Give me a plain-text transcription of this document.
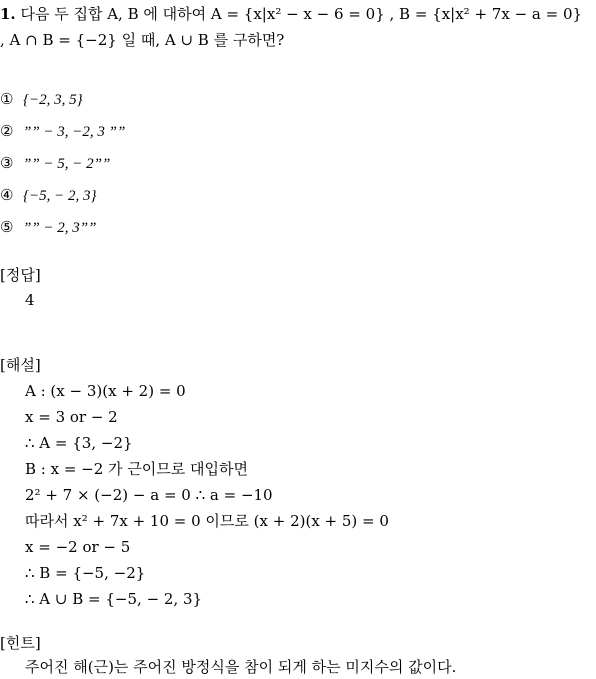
1. 다음 두 집합 A, B 에 대하여 A = {x|x² − x − 6 = 0} , B = {x|x² + 7x − a = 0}
, A ∩ B = {−2} 일 때, A ∪ B 를 구하면?
① {−2, 3, 5}
② ”” − 3, −2, 3 ””
③ ”” − 5, − 2””
④ {−5, − 2, 3}
⑤ ”” − 2, 3””
[정답]
4
[해설]
A : (x − 3)(x + 2) = 0
x = 3 or − 2
∴ A = {3, −2}
B : x = −2 가 근이므로 대입하면
2² + 7 × (−2) − a = 0 ∴ a = −10
따라서 x² + 7x + 10 = 0 이므로 (x + 2)(x + 5) = 0
x = −2 or − 5
∴ B = {−5, −2}
∴ A ∪ B = {−5, − 2, 3}
[힌트]
주어진 해(근)는 주어진 방정식을 참이 되게 하는 미지수의 값이다.
